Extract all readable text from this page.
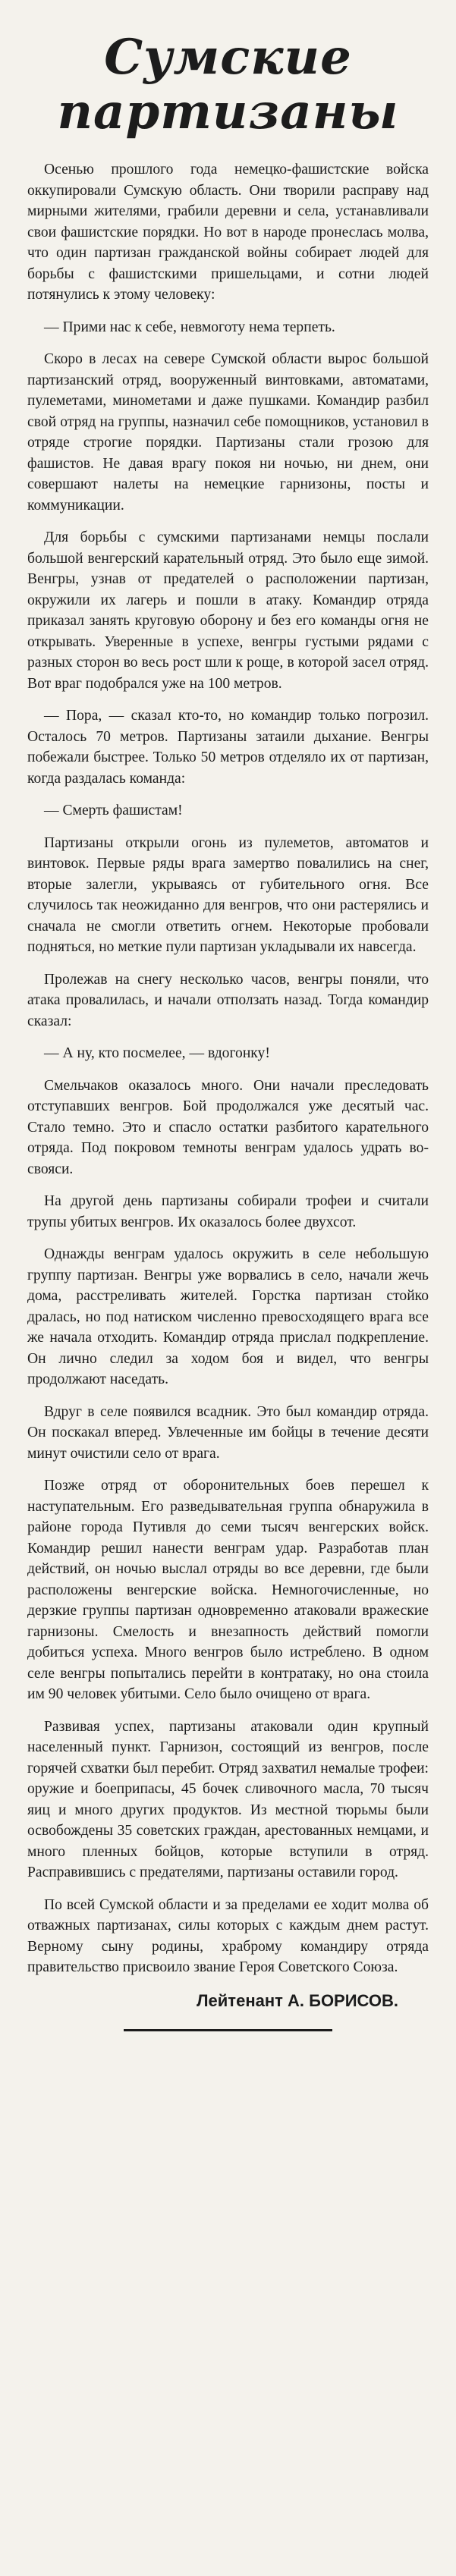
Сумские
партизаны

Осенью прошлого года немецко-фашистские войска оккупировали Сумскую область. Они творили расправу над мирными жителями, грабили деревни и села, устанавливали свои фашистские порядки. Но вот в народе пронеслась молва, что один партизан гражданской войны собирает людей для борьбы с фашистскими пришельцами, и сотни людей потянулись к этому человеку:

— Прими нас к себе, невмоготу нема терпеть.

Скоро в лесах на севере Сумской области вырос большой партизанский отряд, вооруженный винтовками, автоматами, пулеметами, минометами и даже пушками. Командир разбил свой отряд на группы, назначил себе помощников, установил в отряде строгие порядки. Партизаны стали грозою для фашистов. Не давая врагу покоя ни ночью, ни днем, они совершают налеты на немецкие гарнизоны, посты и коммуникации.

Для борьбы с сумскими партизанами немцы послали большой венгерский карательный отряд. Это было еще зимой. Венгры, узнав от предателей о расположении партизан, окружили их лагерь и пошли в атаку. Командир отряда приказал занять круговую оборону и без его команды огня не открывать. Уверенные в успехе, венгры густыми рядами с разных сторон во весь рост шли к роще, в которой засел отряд. Вот враг подобрался уже на 100 метров.

— Пора, — сказал кто-то, но командир только погрозил. Осталось 70 метров. Партизаны затаили дыхание. Венгры побежали быстрее. Только 50 метров отделяло их от партизан, когда раздалась команда:

— Смерть фашистам!

Партизаны открыли огонь из пулеметов, автоматов и винтовок. Первые ряды врага замертво повалились на снег, вторые залегли, укрываясь от губительного огня. Все случилось так неожиданно для венгров, что они растерялись и сначала не смогли ответить огнем. Некоторые пробовали подняться, но меткие пули партизан укладывали их навсегда.

Пролежав на снегу несколько часов, венгры поняли, что атака провалилась, и начали отползать назад. Тогда командир сказал:

— А ну, кто посмелее, — вдогонку!

Смельчаков оказалось много. Они начали преследовать отступавших венгров. Бой продолжался уже десятый час. Стало темно. Это и спасло остатки разбитого карательного отряда. Под покровом темноты венграм удалось удрать во-свояси.

На другой день партизаны собирали трофеи и считали трупы убитых венгров. Их оказалось более двухсот.

Однажды венграм удалось окружить в селе небольшую группу партизан. Венгры уже ворвались в село, начали жечь дома, расстреливать жителей. Горстка партизан стойко дралась, но под натиском численно превосходящего врага все же начала отходить. Командир отряда прислал подкрепление. Он лично следил за ходом боя и видел, что венгры продолжают наседать.

Вдруг в селе появился всадник. Это был командир отряда. Он поскакал вперед. Увлеченные им бойцы в течение десяти минут очистили село от врага.

Позже отряд от оборонительных боев перешел к наступательным. Его разведывательная группа обнаружила в районе города Путивля до семи тысяч венгерских войск. Командир решил нанести венграм удар. Разработав план действий, он ночью выслал отряды во все деревни, где были расположены венгерские войска. Немногочисленные, но дерзкие группы партизан одновременно атаковали вражеские гарнизоны. Смелость и внезапность действий помогли добиться успеха. Много венгров было истреблено. В одном селе венгры попытались перейти в контратаку, но она стоила им 90 человек убитыми. Село было очищено от врага.

Развивая успех, партизаны атаковали один крупный населенный пункт. Гарнизон, состоящий из венгров, после горячей схватки был перебит. Отряд захватил немалые трофеи: оружие и боеприпасы, 45 бочек сливочного масла, 70 тысяч яиц и много других продуктов. Из местной тюрьмы были освобождены 35 советских граждан, арестованных немцами, и много пленных бойцов, которые вступили в отряд. Расправившись с предателями, партизаны оставили город.

По всей Сумской области и за пределами ее ходит молва об отважных партизанах, силы которых с каждым днем растут. Верному сыну родины, храброму командиру отряда правительство присвоило звание Героя Советского Союза.

Лейтенант А. БОРИСОВ.
